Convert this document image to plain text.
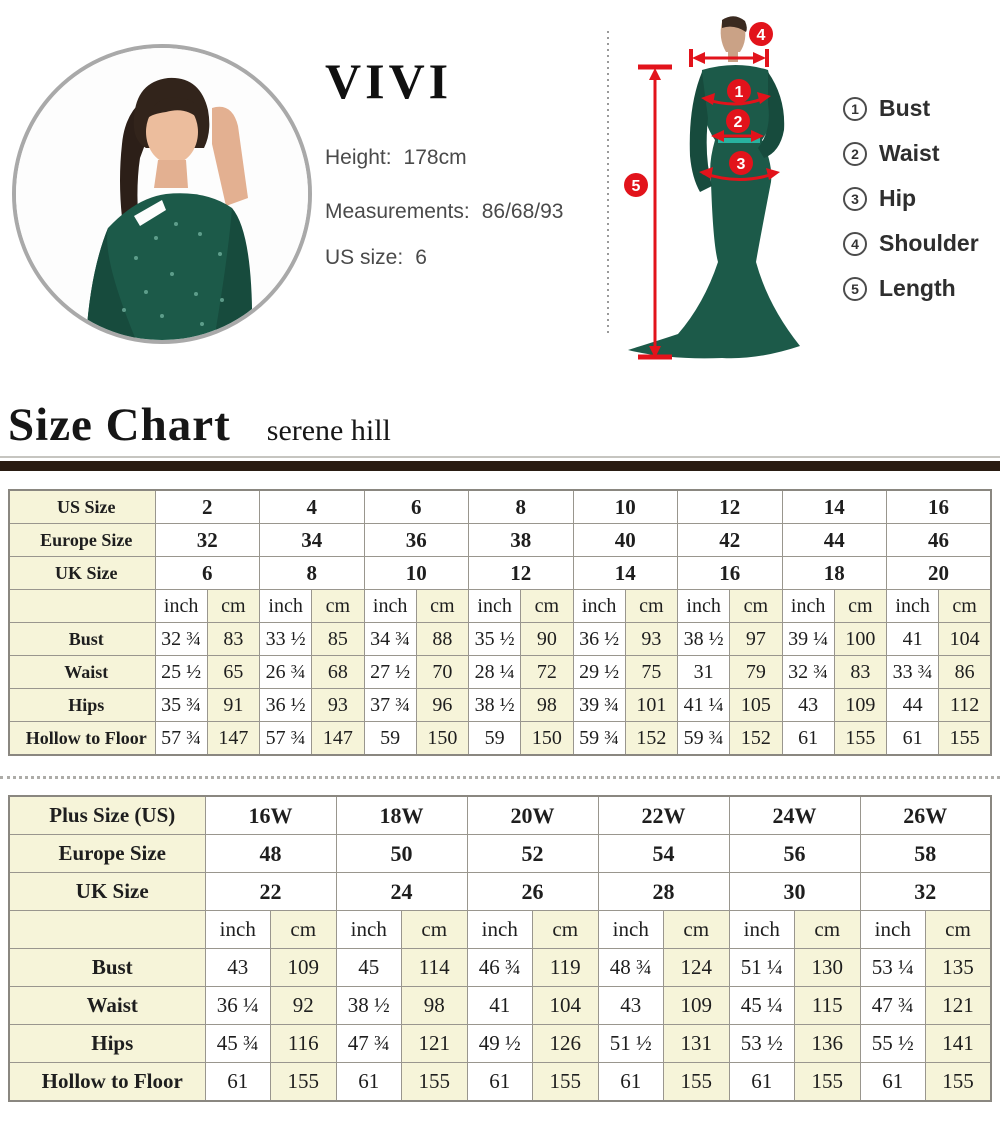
VIVI
Height: 178cm
Measurements: 86/68/93
US size: 6
1
2
3
4
5
1 Bust
2 Waist
3 Hip
4 Shoulder
5 Length
Size Chart serene hill
US Size	2		4		6		8		10		12		14		16	
Europe Size	32		34		36		38		40		42		44		46	
UK Size	6		8		10		12		14		16		18		20	
	inch	cm	inch	cm	inch	cm	inch	cm	inch	cm	inch	cm	inch	cm	inch	cm
Bust	32 ¾	83	33 ½	85	34 ¾	88	35 ½	90	36 ½	93	38 ½	97	39 ¼	100	41	104
Waist	25 ½	65	26 ¾	68	27 ½	70	28 ¼	72	29 ½	75	31	79	32 ¾	83	33 ¾	86
Hips	35 ¾	91	36 ½	93	37 ¾	96	38 ½	98	39 ¾	101	41 ¼	105	43	109	44	112
Hollow to Floor	57 ¾	147	57 ¾	147	59	150	59	150	59 ¾	152	59 ¾	152	61	155	61	155
Plus Size (US)	16W		18W		20W		22W		24W		26W	
Europe Size	48		50		52		54		56		58	
UK Size	22		24		26		28		30		32	
	inch	cm	inch	cm	inch	cm	inch	cm	inch	cm	inch	cm
Bust	43	109	45	114	46 ¾	119	48 ¾	124	51 ¼	130	53 ¼	135
Waist	36 ¼	92	38 ½	98	41	104	43	109	45 ¼	115	47 ¾	121
Hips	45 ¾	116	47 ¾	121	49 ½	126	51 ½	131	53 ½	136	55 ½	141
Hollow to Floor	61	155	61	155	61	155	61	155	61	155	61	155
